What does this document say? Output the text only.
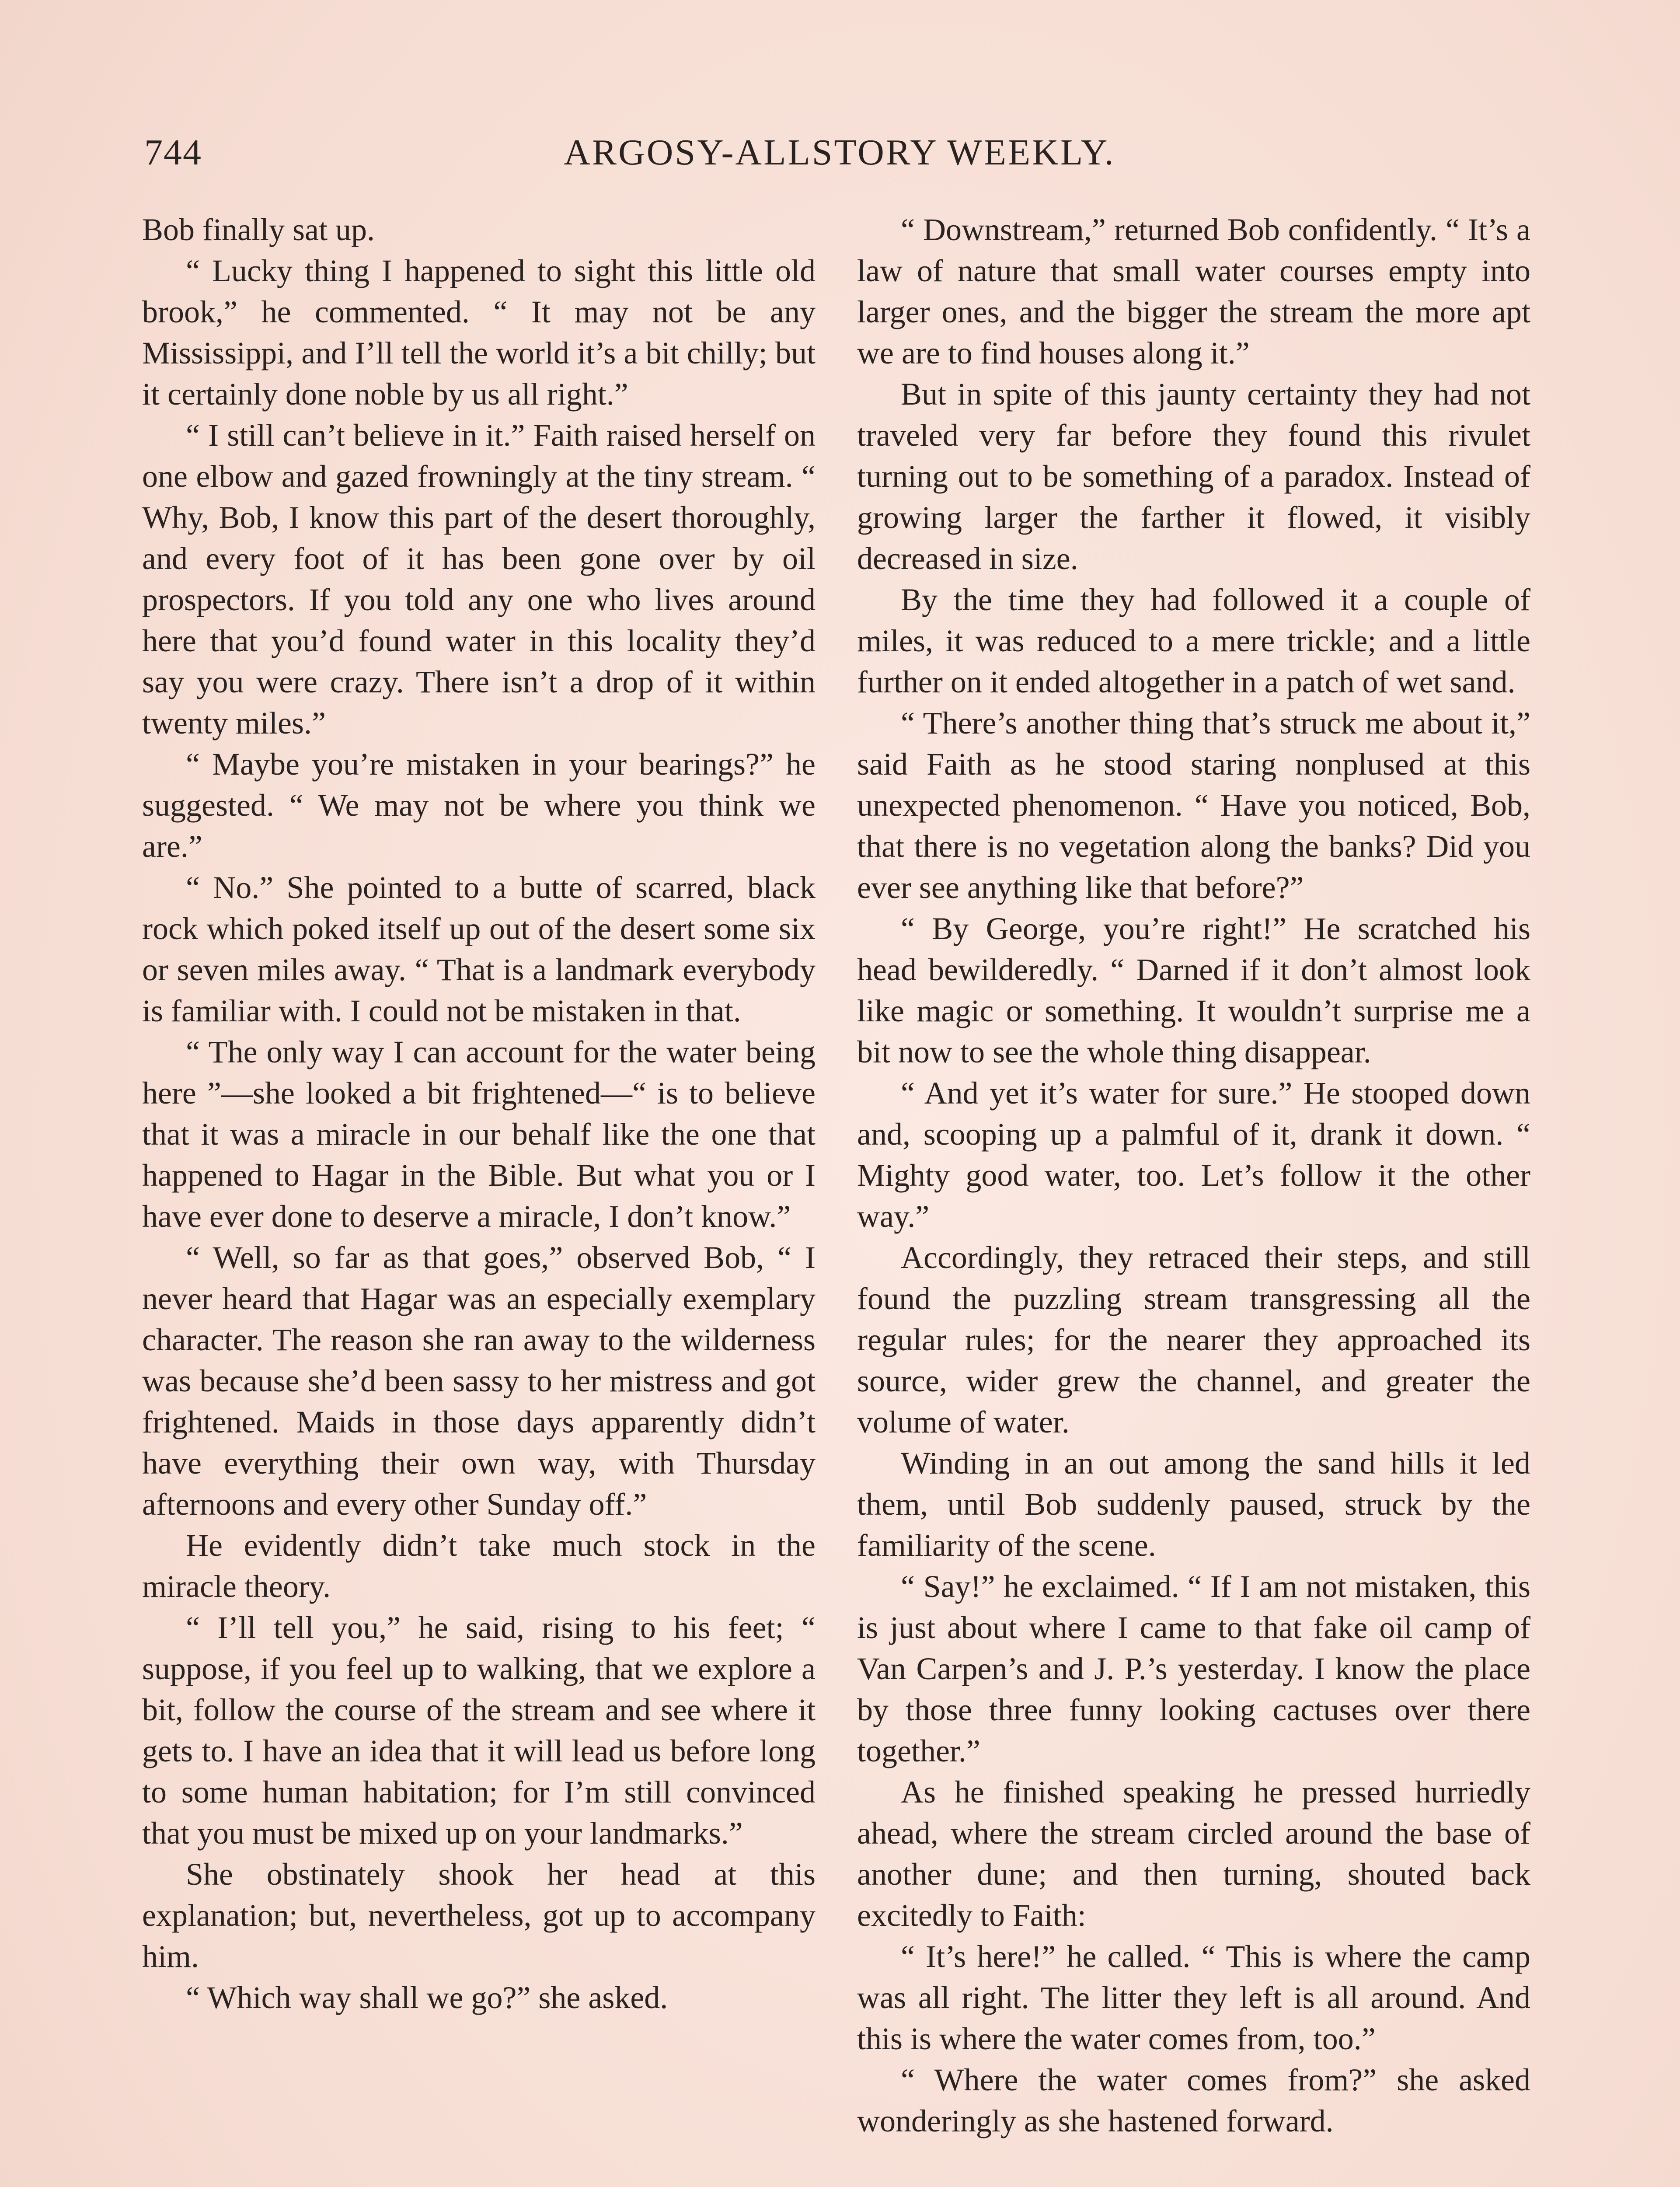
744	ARGOSY-ALLSTORY WEEKLY.

Bob finally sat up.

“ Lucky thing I happened to sight this little old brook,” he commented. “ It may not be any Mississippi, and I’ll tell the world it’s a bit chilly; but it certainly done noble by us all right.”

“ I still can’t believe in it.” Faith raised herself on one elbow and gazed frowningly at the tiny stream. “ Why, Bob, I know this part of the desert thoroughly, and every foot of it has been gone over by oil prospectors. If you told any one who lives around here that you’d found water in this locality they’d say you were crazy. There isn’t a drop of it within twenty miles.”

“ Maybe you’re mistaken in your bearings?” he suggested. “ We may not be where you think we are.”

“ No.” She pointed to a butte of scarred, black rock which poked itself up out of the desert some six or seven miles away. “ That is a landmark everybody is familiar with. I could not be mistaken in that.

“ The only way I can account for the water being here ”—she looked a bit frightened—“ is to believe that it was a miracle in our behalf like the one that happened to Hagar in the Bible. But what you or I have ever done to deserve a miracle, I don’t know.”

“ Well, so far as that goes,” observed Bob, “ I never heard that Hagar was an especially exemplary character. The reason she ran away to the wilderness was because she’d been sassy to her mistress and got frightened. Maids in those days apparently didn’t have everything their own way, with Thursday afternoons and every other Sunday off.”

He evidently didn’t take much stock in the miracle theory.

“ I’ll tell you,” he said, rising to his feet; “ suppose, if you feel up to walking, that we explore a bit, follow the course of the stream and see where it gets to. I have an idea that it will lead us before long to some human habitation; for I’m still convinced that you must be mixed up on your landmarks.”

She obstinately shook her head at this explanation; but, nevertheless, got up to accompany him.

“ Which way shall we go?” she asked.

“ Downstream,” returned Bob confidently. “ It’s a law of nature that small water courses empty into larger ones, and the bigger the stream the more apt we are to find houses along it.”

But in spite of this jaunty certainty they had not traveled very far before they found this rivulet turning out to be something of a paradox. Instead of growing larger the farther it flowed, it visibly decreased in size.

By the time they had followed it a couple of miles, it was reduced to a mere trickle; and a little further on it ended altogether in a patch of wet sand.

“ There’s another thing that’s struck me about it,” said Faith as he stood staring nonplused at this unexpected phenomenon. “ Have you noticed, Bob, that there is no vegetation along the banks? Did you ever see anything like that before?”

“ By George, you’re right!” He scratched his head bewilderedly. “ Darned if it don’t almost look like magic or something. It wouldn’t surprise me a bit now to see the whole thing disappear.

“ And yet it’s water for sure.” He stooped down and, scooping up a palmful of it, drank it down. “ Mighty good water, too. Let’s follow it the other way.”

Accordingly, they retraced their steps, and still found the puzzling stream transgressing all the regular rules; for the nearer they approached its source, wider grew the channel, and greater the volume of water.

Winding in an out among the sand hills it led them, until Bob suddenly paused, struck by the familiarity of the scene.

“ Say!” he exclaimed. “ If I am not mistaken, this is just about where I came to that fake oil camp of Van Carpen’s and J. P.’s yesterday. I know the place by those three funny looking cactuses over there together.”

As he finished speaking he pressed hurriedly ahead, where the stream circled around the base of another dune; and then turning, shouted back excitedly to Faith:

“ It’s here!” he called. “ This is where the camp was all right. The litter they left is all around. And this is where the water comes from, too.”

“ Where the water comes from?” she asked wonderingly as she hastened forward.
